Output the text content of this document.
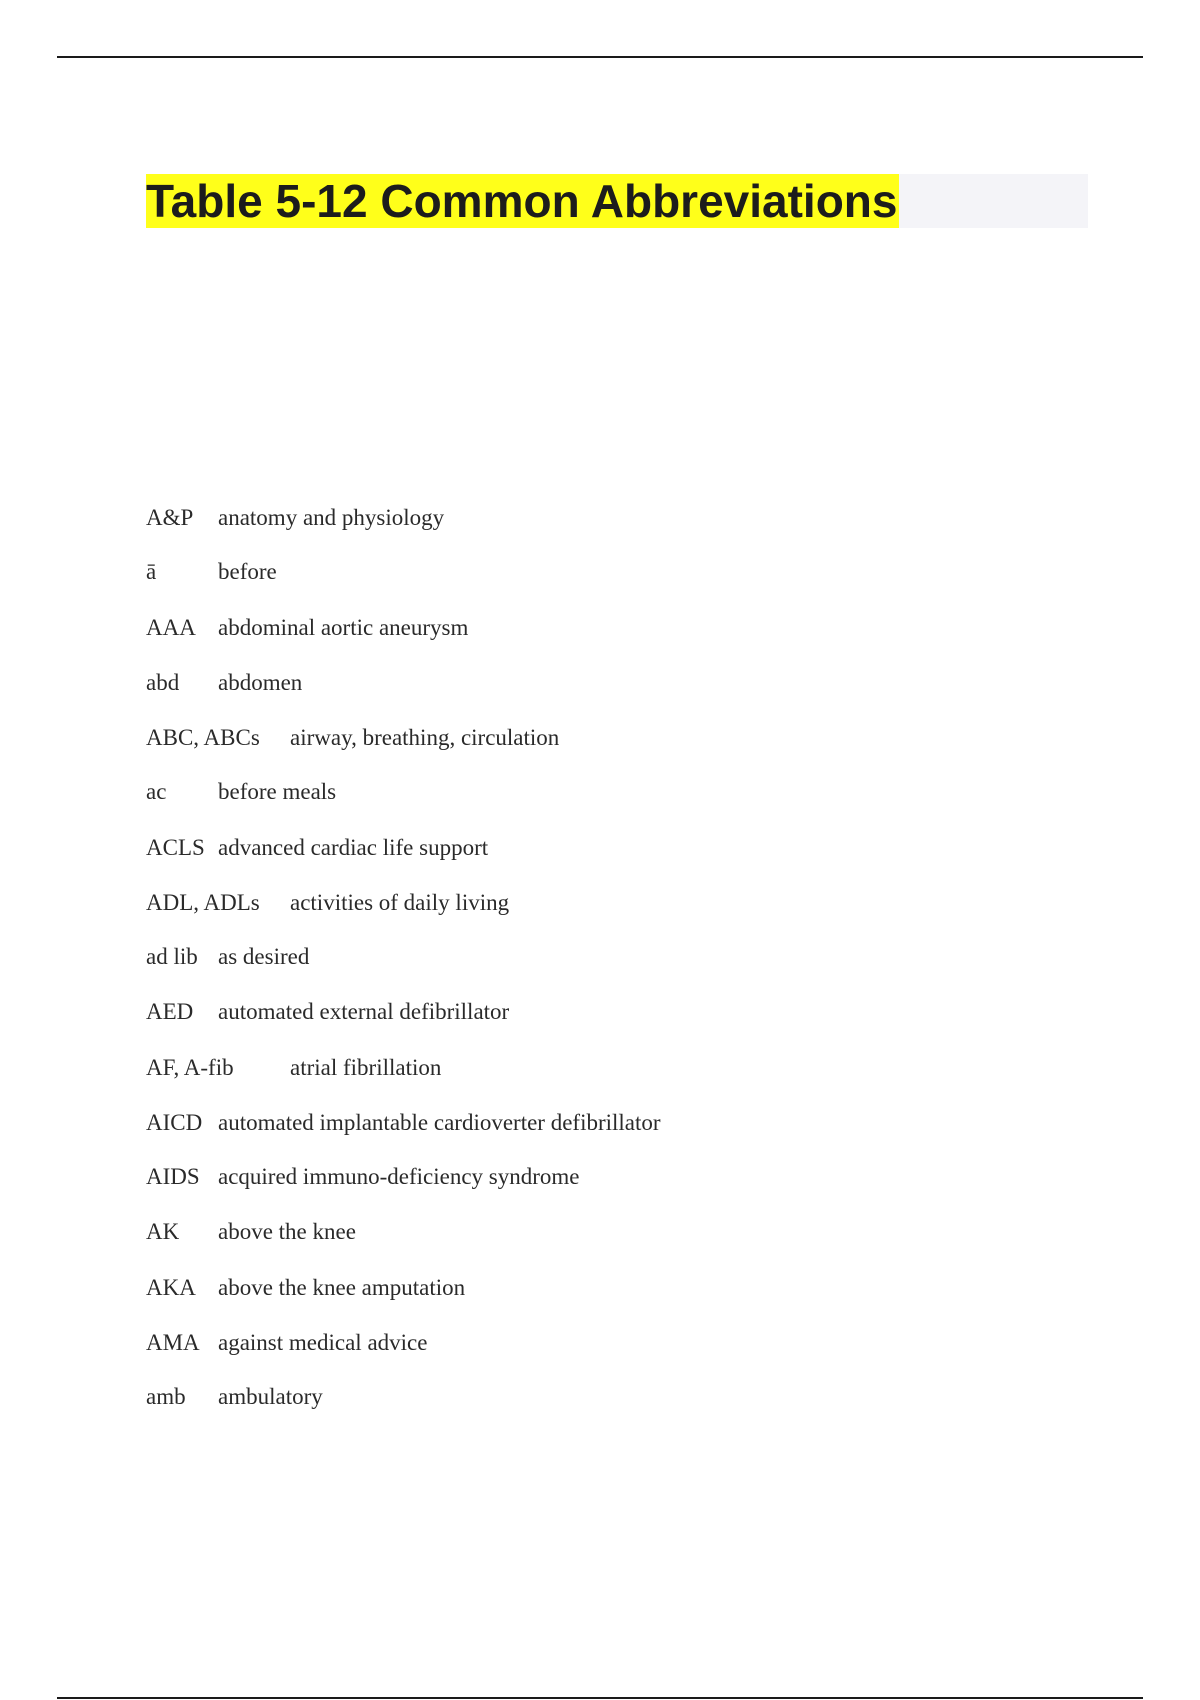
Table 5-12 Common Abbreviations
A&P anatomy and physiology
ā	before
AAA abdominal aortic aneurysm
abd abdomen
ABC, ABCs airway, breathing, circulation
ac before meals
ACLS advanced cardiac life support
ADL, ADLs activities of daily living
ad lib as desired
AED automated external defibrillator
AF, A-fib atrial fibrillation
AICD automated implantable cardioverter defibrillator
AIDS acquired immuno-deficiency syndrome
AK above the knee
AKA above the knee amputation
AMA against medical advice
amb ambulatory
